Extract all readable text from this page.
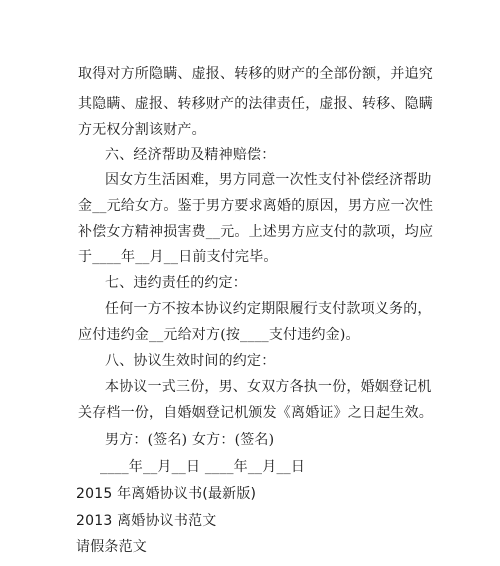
取得对方所隐瞒、虚报、转移的财产的全部份额，并追究
其隐瞒、虚报、转移财产的法律责任，虚报、转移、隐瞒
方无权分割该财产。
六、经济帮助及精神赔偿：
因女方生活困难，男方同意一次性支付补偿经济帮助
金__元给女方。鉴于男方要求离婚的原因，男方应一次性
补偿女方精神损害费__元。上述男方应支付的款项，均应
于____年__月__日前支付完毕。
七、违约责任的约定：
任何一方不按本协议约定期限履行支付款项义务的，
应付违约金__元给对方(按____支付违约金)。
八、协议生效时间的约定：
本协议一式三份，男、女双方各执一份，婚姻登记机
关存档一份，自婚姻登记机颁发《离婚证》之日起生效。
男方：(签名) 女方：(签名)
____年__月__日 ____年__月__日
2015 年离婚协议书(最新版)
2013 离婚协议书范文
请假条范文
